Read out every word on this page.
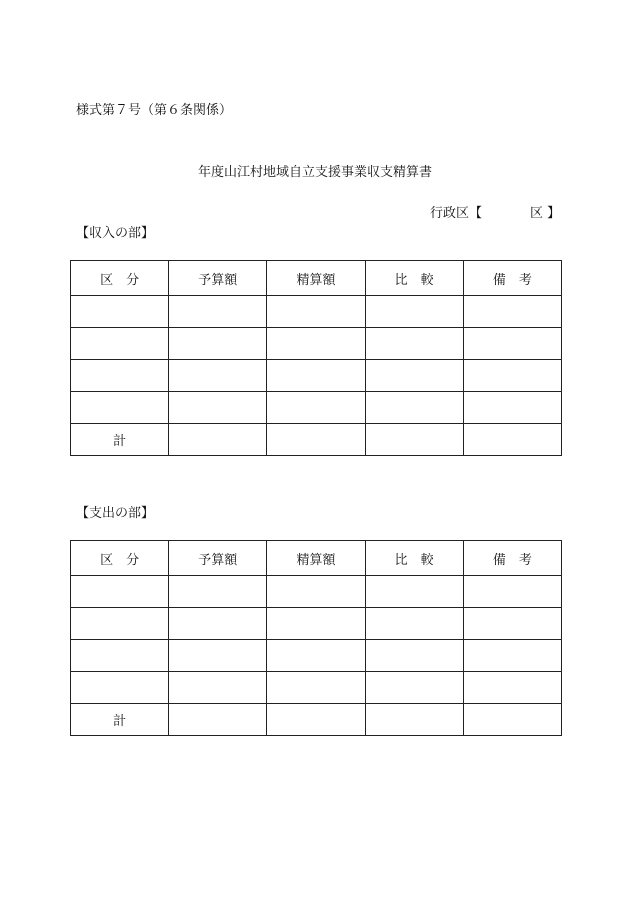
様式第７号（第６条関係）
年度山江村地域自立支援事業収支精算書
行政区【	区 】
【収入の部】
区　分	予算額	精算額	比　較	備　考

計				
【支出の部】
区　分	予算額	精算額	比　較	備　考

計				
